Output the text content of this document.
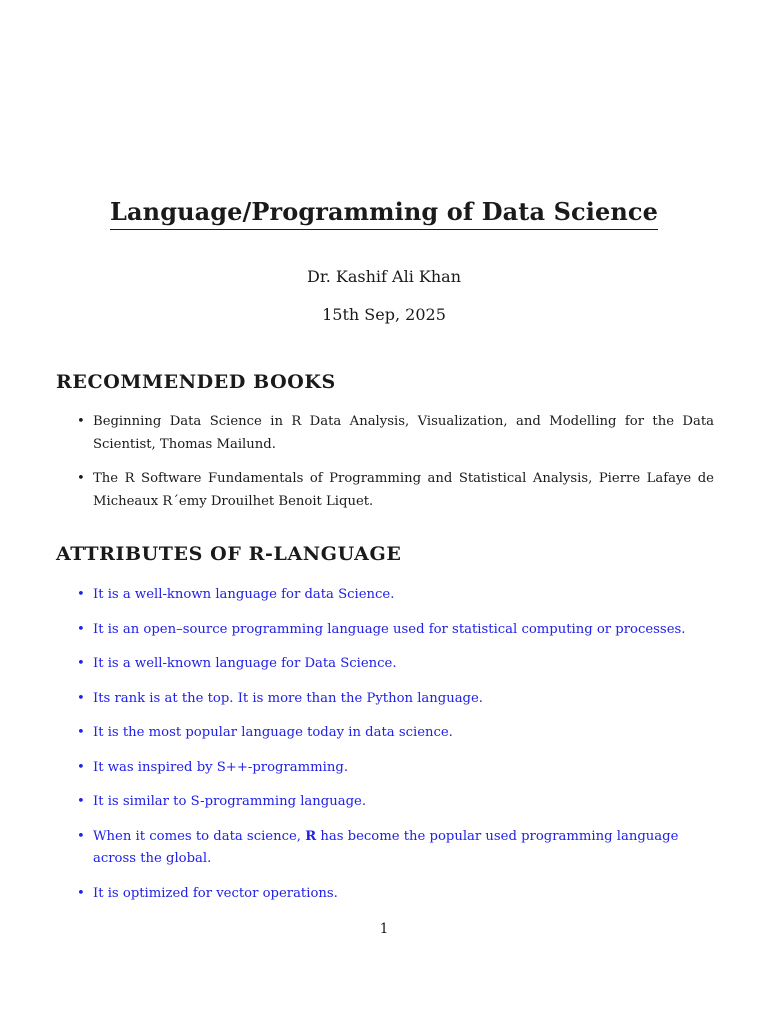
Language/Programming of Data Science
Dr. Kashif Ali Khan
15th Sep, 2025
RECOMMENDED BOOKS
• Beginning Data Science in R Data Analysis, Visualization, and Modelling for the Data Scientist, Thomas Mailund.
• The R Software Fundamentals of Programming and Statistical Analysis, Pierre Lafaye de Micheaux R´emy Drouilhet Benoit Liquet.
ATTRIBUTES OF R-LANGUAGE
• It is a well-known language for data Science.
• It is an open–source programming language used for statistical computing or processes.
• It is a well-known language for Data Science.
• Its rank is at the top. It is more than the Python language.
• It is the most popular language today in data science.
• It was inspired by S++-programming.
• It is similar to S-programming language.
• When it comes to data science, R has become the popular used programming language across the global.
• It is optimized for vector operations.
1
